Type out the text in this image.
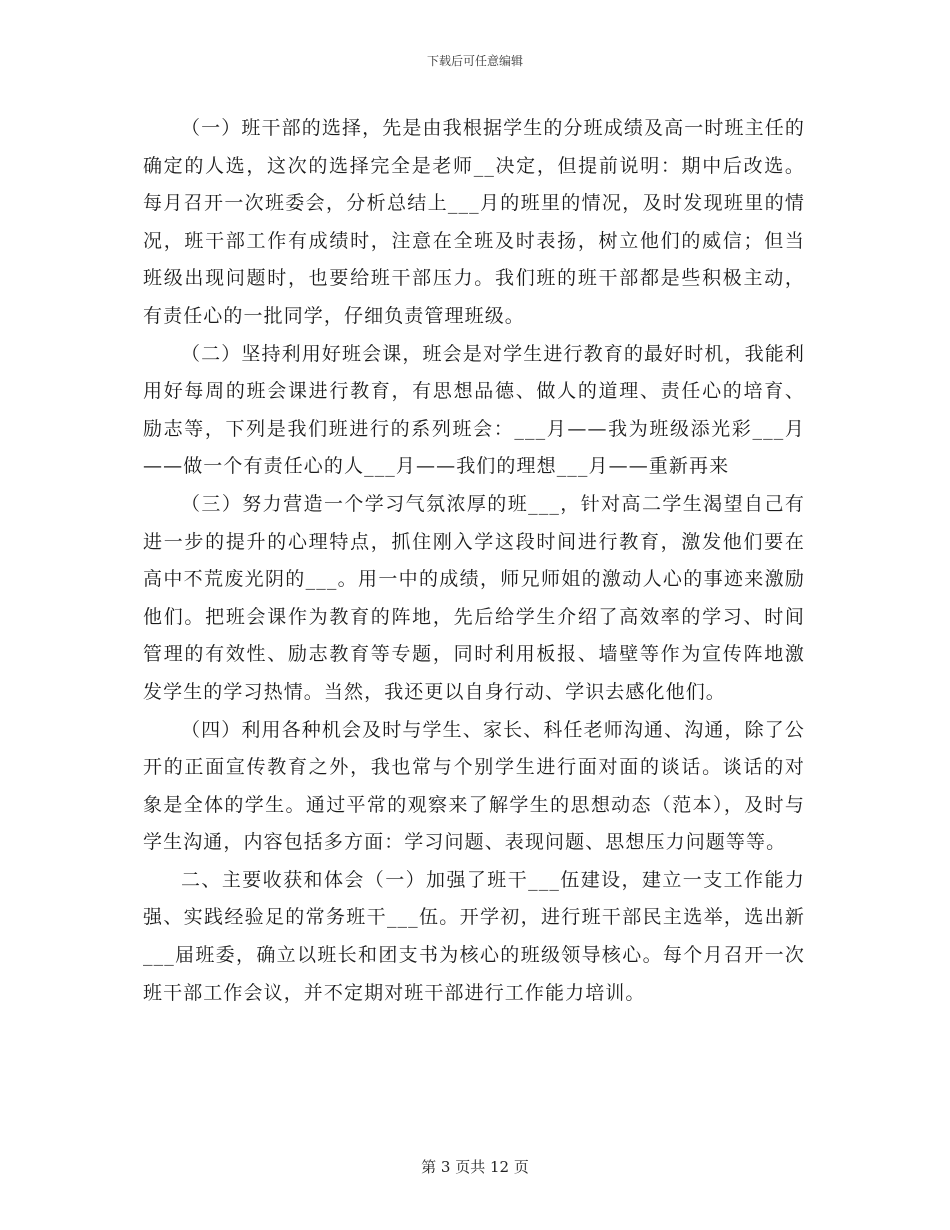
下载后可任意编辑

（一）班干部的选择，先是由我根据学生的分班成绩及高一时班主任的确定的人选，这次的选择完全是老师__决定，但提前说明：期中后改选。每月召开一次班委会，分析总结上___月的班里的情况，及时发现班里的情况，班干部工作有成绩时，注意在全班及时表扬，树立他们的威信；但当班级出现问题时，也要给班干部压力。我们班的班干部都是些积极主动，有责任心的一批同学，仔细负责管理班级。

（二）坚持利用好班会课，班会是对学生进行教育的最好时机，我能利用好每周的班会课进行教育，有思想品德、做人的道理、责任心的培育、励志等，下列是我们班进行的系列班会：___月——我为班级添光彩___月——做一个有责任心的人___月——我们的理想___月——重新再来

（三）努力营造一个学习气氛浓厚的班___，针对高二学生渴望自己有进一步的提升的心理特点，抓住刚入学这段时间进行教育，激发他们要在高中不荒废光阴的___。用一中的成绩，师兄师姐的激动人心的事迹来激励他们。把班会课作为教育的阵地，先后给学生介绍了高效率的学习、时间管理的有效性、励志教育等专题，同时利用板报、墙壁等作为宣传阵地激发学生的学习热情。当然，我还更以自身行动、学识去感化他们。

（四）利用各种机会及时与学生、家长、科任老师沟通、沟通，除了公开的正面宣传教育之外，我也常与个别学生进行面对面的谈话。谈话的对象是全体的学生。通过平常的观察来了解学生的思想动态（范本），及时与学生沟通，内容包括多方面：学习问题、表现问题、思想压力问题等等。

二、主要收获和体会（一）加强了班干___伍建设，建立一支工作能力强、实践经验足的常务班干___伍。开学初，进行班干部民主选举，选出新___届班委，确立以班长和团支书为核心的班级领导核心。每个月召开一次班干部工作会议，并不定期对班干部进行工作能力培训。

第 3 页共 12 页
